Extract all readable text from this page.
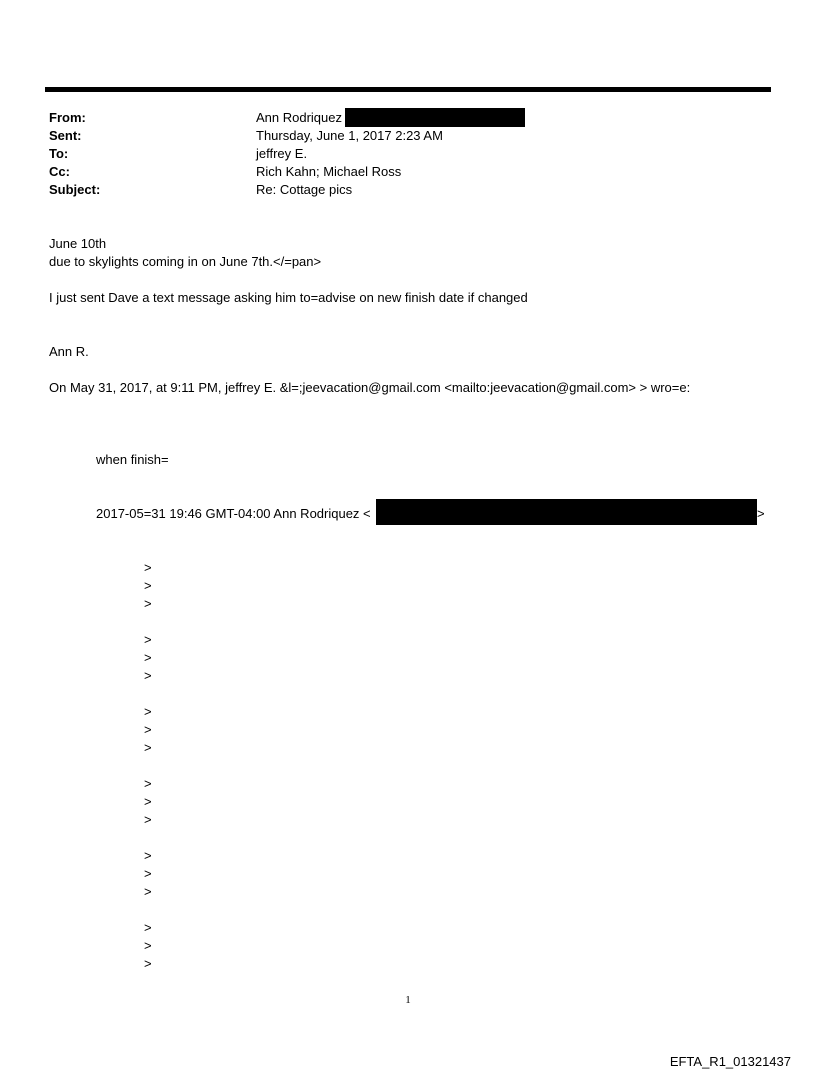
From:	Ann Rodriquez
Sent:	Thursday, June 1, 2017 2:23 AM
To:	jeffrey E.
Cc:	Rich Kahn; Michael Ross
Subject:	Re: Cottage pics
June 10th
due to skylights coming in on June 7th.</=pan>
I just sent Dave a text message asking him to=advise on new finish date if changed
Ann R.
On May 31, 2017, at 9:11 PM, jeffrey E. &l=;jeevacation@gmail.com <mailto:jeevacation@gmail.com> > wro=e:
when finish=
2017-05=31 19:46 GMT-04:00 Ann Rodriquez <	>
>
>
>
>
>
>
>
>
>
>
>
>
>
>
>
>
>
>
1
EFTA_R1_01321437
